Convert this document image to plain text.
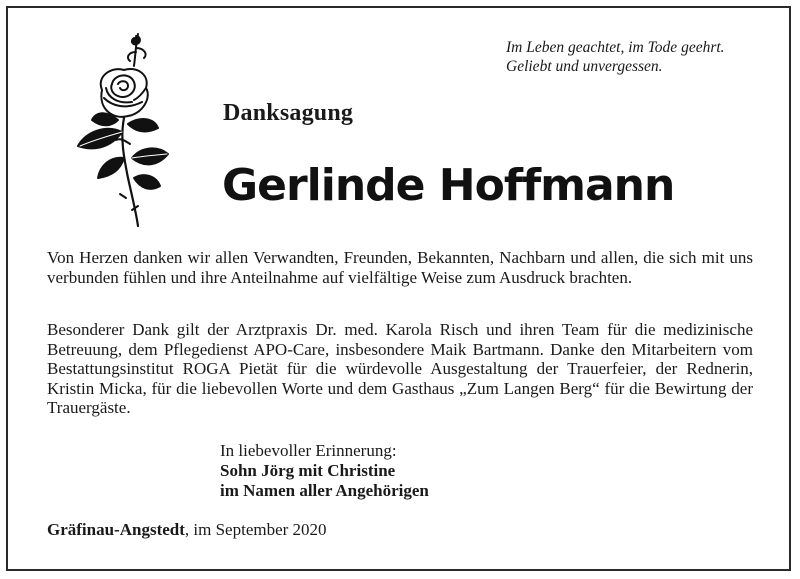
Im Leben geachtet, im Tode geehrt.
Geliebt und unvergessen.
Danksagung
Gerlinde Hoffmann
Von Herzen danken wir allen Verwandten, Freunden, Bekannten, Nachbarn und allen, die sich mit uns verbunden fühlen und ihre Anteilnahme auf vielfältige Weise zum Ausdruck brachten.
Besonderer Dank gilt der Arztpraxis Dr. med. Karola Risch und ihren Team für die medizinische Betreuung, dem Pflegedienst APO-Care, insbesondere Maik Bartmann. Danke den Mitarbeitern vom Bestattungsinstitut ROGA Pietät für die würdevolle Ausgestaltung der Trauerfeier, der Rednerin, Kristin Micka, für die liebevollen Worte und dem Gasthaus „Zum Langen Berg“ für die Bewirtung der Trauergäste.
In liebevoller Erinnerung:
Sohn Jörg mit Christine
im Namen aller Angehörigen
Gräfinau-Angstedt, im September 2020
